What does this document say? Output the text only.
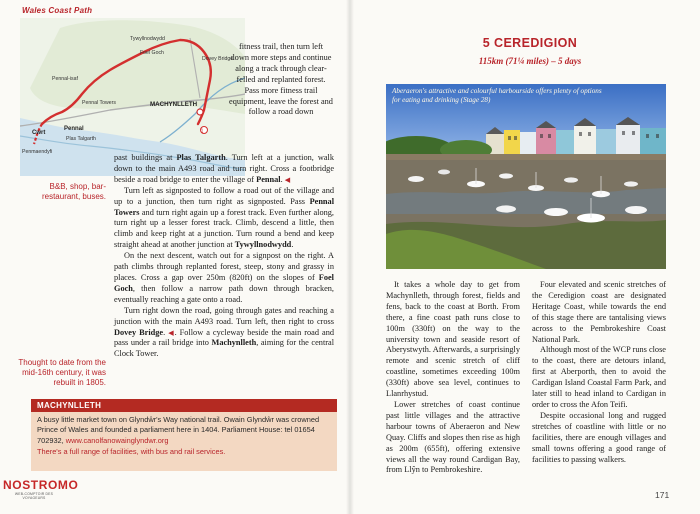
Wales Coast Path
1
Tywyllnodwydd
Foel Goch
Dovey Bridge
Pennal-isaf
Pennal Towers	MACHYNLLETH
Cwrt
Pennal
Plas Talgarth
Penmaendyfi

fitness trail, then turn left down more steps and continue along a track through clear-felled and replanted forest. Pass more fitness trail equipment, leave the forest and follow a road down

B&B, shop, bar-restaurant, buses.
Thought to date from the mid-16th century, it was rebuilt in 1805.

past buildings at Plas Talgarth. Turn left at a junction, walk down to the main A493 road and turn right. Cross a footbridge beside a road bridge to enter the village of Pennal. ◀

Turn left as signposted to follow a road out of the village and up to a junction, then turn right as signposted. Pass Pennal Towers and turn right again up a forest track. Even further along, turn right up a lesser forest track. Climb, descend a little, then climb and keep right at a junction. Turn round a bend and keep straight ahead at another junction at Tywyllnodwydd.

On the next descent, watch out for a signpost on the right. A path climbs through replanted forest, steep, stony and grassy in places. Cross a gap over 250m (820ft) on the slopes of Foel Goch, then follow a narrow path down through bracken, eventually reaching a gate onto a road.

Turn right down the road, going through gates and reaching a junction with the main A493 road. Turn left, then right to cross Dovey Bridge. ◀. Follow a cycleway beside the main road and pass under a rail bridge into Machynlleth, aiming for the central Clock Tower.

MACHYNLLETH
A busy little market town on Glyndŵr's Way national trail. Owain Glyndŵr was crowned Prince of Wales and founded a parliament here in 1404. Parliament House: tel 01654 702932, www.canolfanowainglyndwr.org
There's a full range of facilities, with bus and rail services.
NOSTROMO
WEB-COMPTOIR DES VOYAGEURS
5 CEREDIGION
115km (71¼ miles) – 5 days
Aberaeron's attractive and colourful harbourside offers plenty of options for eating and drinking (Stage 28)

It takes a whole day to get from Machynlleth, through forest, fields and fens, back to the coast at Borth. From there, a fine coast path runs close to 100m (330ft) on the way to the university town and seaside resort of Aberystwyth. Afterwards, a surprisingly remote and scenic stretch of cliff coastline, sometimes exceeding 100m (330ft) above sea level, continues to Llanrhystud.

Lower stretches of coast continue past little villages and the attractive harbour towns of Aberaeron and New Quay. Cliffs and slopes then rise as high as 200m (655ft), offering extensive views all the way round Cardigan Bay, from Llŷn to Pembrokeshire.

Four elevated and scenic stretches of the Ceredigion coast are designated Heritage Coast, while towards the end of this stage there are tantalising views across to the Pembrokeshire Coast National Park.

Although most of the WCP runs close to the coast, there are detours inland, first at Aberporth, then to avoid the Cardigan Island Coastal Farm Park, and later still to head inland to Cardigan in order to cross the Afon Teifi.

Despite occasional long and rugged stretches of coastline with little or no facilities, there are enough villages and small towns offering a good range of facilities to passing walkers.

171
